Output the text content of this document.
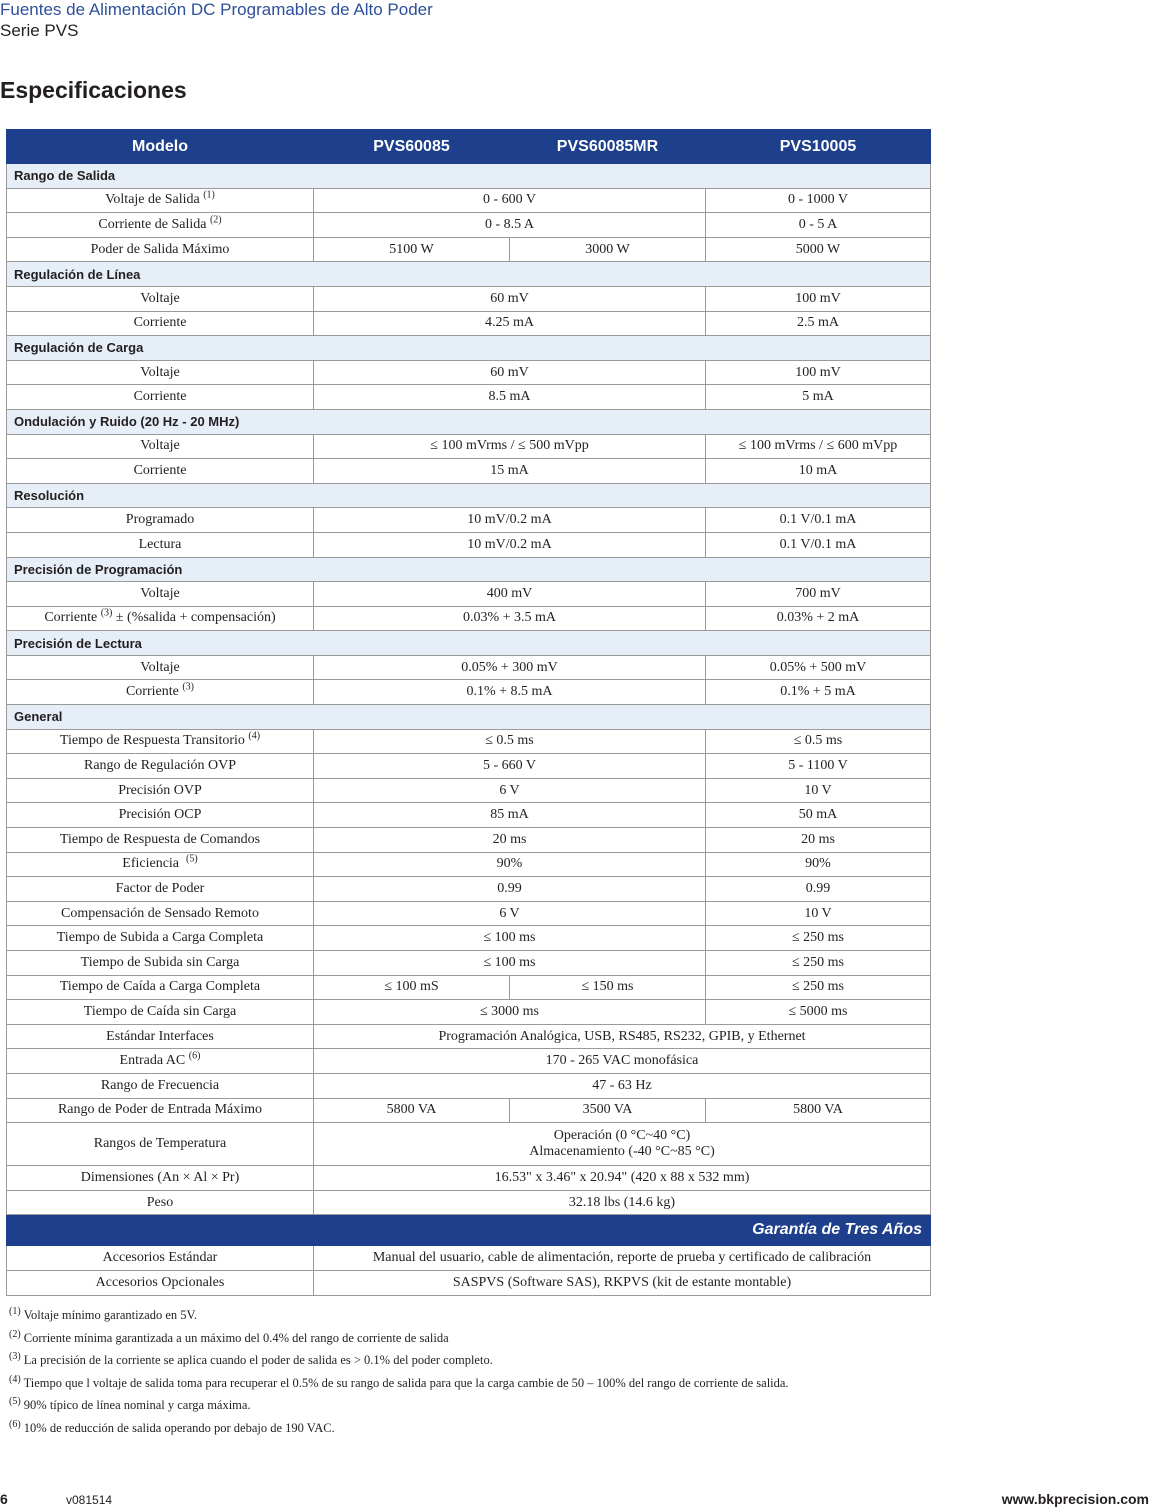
Fuentes de Alimentación DC Programables de Alto Poder
Serie PVS
Especificaciones
Modelo	PVS60085	PVS60085MR	PVS10005
Rango de Salida			
Voltaje de Salida $^{(1)}$	0 - 600 V		0 - 1000 V
Corriente de Salida $^{(2)}$	0 - 8.5 A		0 - 5 A
Poder de Salida Máximo	5100 W	3000 W	5000 W
Regulación de Línea			
Voltaje	60 mV		100 mV
Corriente	4.25 mA		2.5 mA
Regulación de Carga			
Voltaje	60 mV		100 mV
Corriente	8.5 mA		5 mA
Ondulación y Ruido (20 Hz - 20 MHz)			
Voltaje	≤ 100 mVrms / ≤ 500 mVpp		≤ 100 mVrms / ≤ 600 mVpp
Corriente	15 mA		10 mA
Resolución			
Programado	10 mV/0.2 mA		0.1 V/0.1 mA
Lectura	10 mV/0.2 mA		0.1 V/0.1 mA
Precisión de Programación			
Voltaje	400 mV		700 mV
Corriente $^{(3)}$ ± (%salida + compensación)	0.03% + 3.5 mA		0.03% + 2 mA
Precisión de Lectura			
Voltaje	0.05% + 300 mV		0.05% + 500 mV
Corriente $^{(3)}$	0.1% + 8.5 mA		0.1% + 5 mA
General			
Tiempo de Respuesta Transitorio $^{(4)}$	≤ 0.5 ms		≤ 0.5 ms
Rango de Regulación OVP	5 - 660 V		5 - 1100 V
Precisión OVP	6 V		10 V
Precisión OCP	85 mA		50 mA
Tiempo de Respuesta de Comandos	20 ms		20 ms
Eficiencia $^{(5)}$	90%		90%
Factor de Poder	0.99		0.99
Compensación de Sensado Remoto	6 V		10 V
Tiempo de Subida a Carga Completa	≤ 100 ms		≤ 250 ms
Tiempo de Subida sin Carga	≤ 100 ms		≤ 250 ms
Tiempo de Caída a Carga Completa	≤ 100 mS	≤ 150 ms	≤ 250 ms
Tiempo de Caída sin Carga	≤ 3000 ms		≤ 5000 ms
Estándar Interfaces	Programación Analógica, USB, RS485, RS232, GPIB, y Ethernet		
Entrada AC $^{(6)}$	170 - 265 VAC monofásica		
Rango de Frecuencia	47 - 63 Hz		
Rango de Poder de Entrada Máximo	5800 VA	3500 VA	5800 VA
Rangos de Temperatura	Operación (0 °C~40 °C)
Almacenamiento (-40 °C~85 °C)		

Dimensiones (An × Al × Pr)	16.53" x 3.46" x 20.94" (420 x 88 x 532 mm)		
Peso	32.18 lbs (14.6 kg)		
Garantía de Tres Años			
Accesorios Estándar	Manual del usuario, cable de alimentación, reporte de prueba y certificado de calibración		
Accesorios Opcionales	SASPVS (Software SAS), RKPVS (kit de estante montable)		
$^{(1)}$ Voltaje mínimo garantizado en 5V.
$^{(2)}$ Corriente mínima garantizada a un máximo del 0.4% del rango de corriente de salida
$^{(3)}$ La precisión de la corriente se aplica cuando el poder de salida es > 0.1% del poder completo.
$^{(4)}$ Tiempo que l voltaje de salida toma para recuperar el 0.5% de su rango de salida para que la carga cambie de 50 – 100% del rango de corriente de salida.
$^{(5)}$ 90% típico de línea nominal y carga máxima.
$^{(6)}$ 10% de reducción de salida operando por debajo de 190 VAC.
6	v081514	www.bkprecision.com
